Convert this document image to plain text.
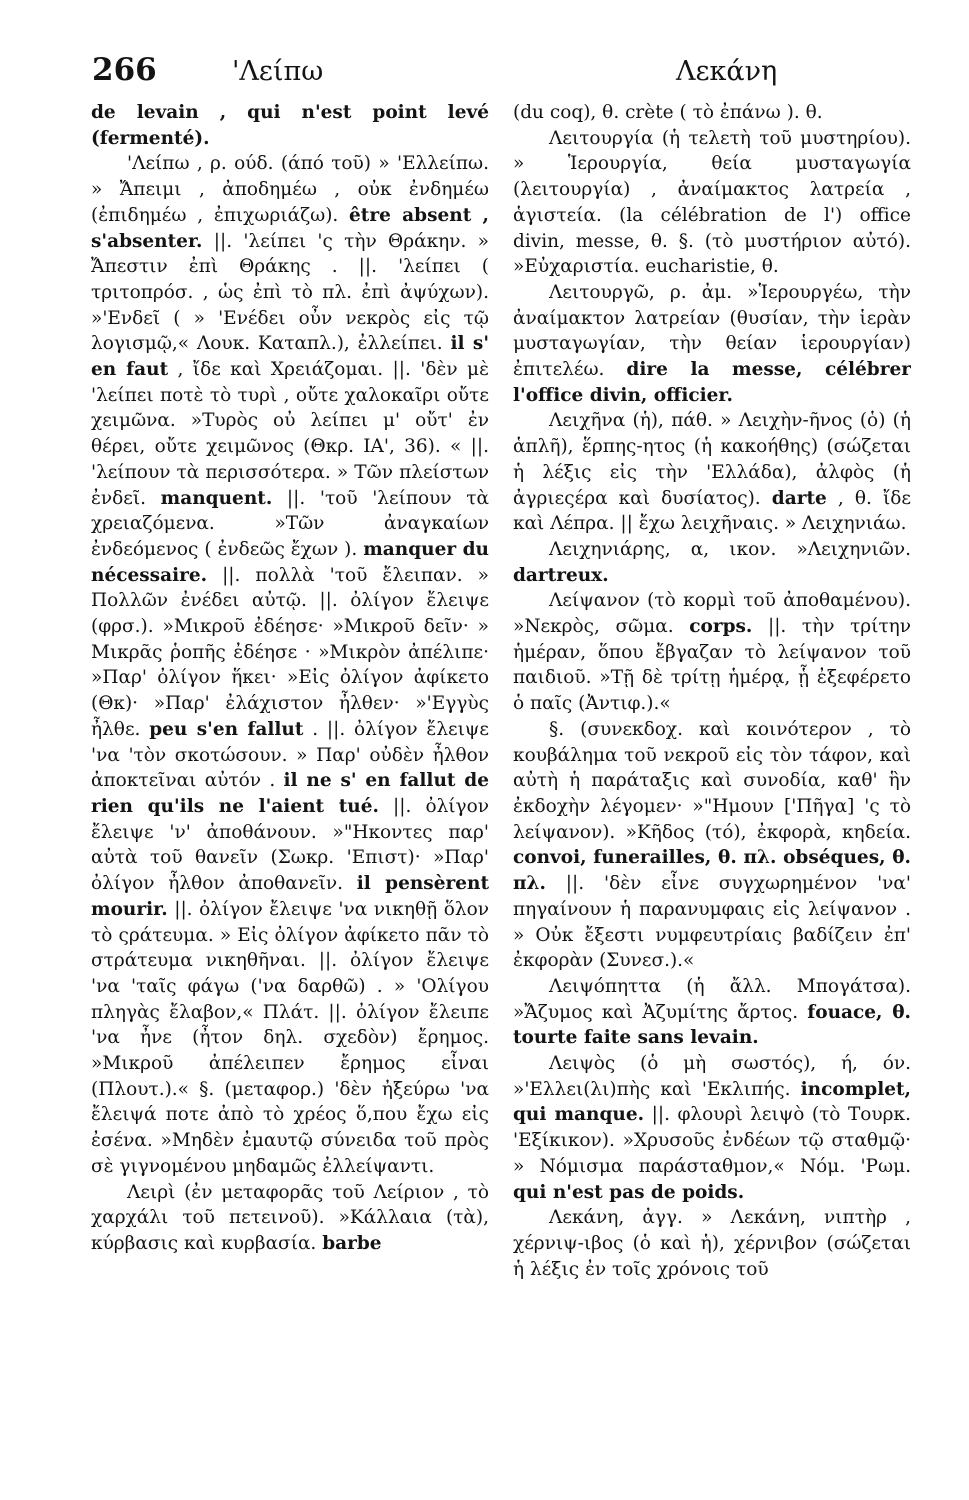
266	'Λείπω	Λεκάνη

de levain , qui n'est point levé (fermenté).

'Λείπω , ρ. ούδ. (άπό τοῦ) » 'Ελλείπω. » Ἄπειμι , ἀποδημέω , οὐκ ἐνδημέω (ἐπιδημέω , ἐπιχωριάζω). être absent , s'absenter. ||. 'λείπει 'ς τὴν Θράκην. » Ἄπεστιν ἐπὶ Θράκης . ||. 'λείπει ( τριτοπρόσ. , ὡς ἐπὶ τὸ πλ. ἐπὶ ἀψύχων). »'Ενδεῖ ( » 'Ενέδει οὖν νεκρὸς εἰς τῷ λογισμῷ,« Λουκ. Καταπλ.), ἐλλείπει. il s' en faut , ἴδε καὶ Χρειάζομαι. ||. 'δὲν μὲ 'λείπει ποτὲ τὸ τυρὶ , οὔτε χαλοκαῖρι οὔτε χειμῶνα. »Τυρὸς οὐ λείπει μ' οὔτ' ἐν θέρει, οὔτε χειμῶνος (Θκρ. ΙΑ', 36). « ||. 'λείπουν τὰ περισσότερα. » Τῶν πλείστων ἐνδεῖ. manquent. ||. 'τοῦ 'λείπουν τὰ χρειαζόμενα. »Τῶν ἀναγκαίων ἐνδεόμενος ( ἐνδεῶς ἔχων ). manquer du nécessaire. ||. πολλὰ 'τοῦ ἔλειπαν. » Πολλῶν ἐνέδει αὐτῷ. ||. ὀλίγον ἔλειψε (φρσ.). »Μικροῦ ἐδέησε· »Μικροῦ δεῖν· » Μικρᾶς ῥοπῆς ἐδέησε · »Μικρὸν ἀπέλιπε· »Παρ' ὀλίγον ἥκει· »Εἰς ὀλίγον ἀφίκετο (Θκ)· »Παρ' ἐλάχιστον ἦλθεν· »'Εγγὺς ἦλθε. peu s'en fallut . ||. ὀλίγον ἔλειψε 'να 'τὸν σκοτώσουν. » Παρ' οὐδὲν ἦλθον ἀποκτεῖναι αὐτόν . il ne s' en fallut de rien qu'ils ne l'aient tué. ||. ὀλίγον ἔλειψε 'ν' ἀποθάνουν. »"Ηκοντες παρ' αὐτὰ τοῦ θανεῖν (Σωκρ. 'Επιστ)· »Παρ' ὀλίγον ἦλθον ἀποθανεῖν. il pensèrent mourir. ||. ὀλίγον ἔλειψε 'να νικηθῇ ὅλον τὸ ςράτευμα. » Εἰς ὀλίγον ἀφίκετο πᾶν τὸ στράτευμα νικηθῆναι. ||. ὀλίγον ἔλειψε 'να 'ταῖς φάγω ('να δαρθῶ) . » 'Ολίγου πληγὰς ἔλαβον,« Πλάτ. ||. ὀλίγον ἔλειπε 'να ἦνε (ἦτον δηλ. σχεδὸν) ἔρημος. »Μικροῦ ἀπέλειπεν ἔρημος εἶναι (Πλουτ.).« §. (μεταφορ.) 'δὲν ἠξεύρω 'να ἔλειψά ποτε ἀπὸ τὸ χρέος ὅ,που ἔχω εἰς ἐσένα. »Μηδὲν ἐμαυτῷ σύνειδα τοῦ πρὸς σὲ γιγνομένου μηδαμῶς ἐλλείψαντι.

Λειρὶ (ἐν μεταφορᾶς τοῦ Λείριον , τὸ χαρχάλι τοῦ πετεινοῦ). »Κάλλαια (τὰ), κύρβασις καὶ κυρβασία. barbe

(du coq), θ. crète ( τὸ ἐπάνω ). θ.

Λειτουργία (ἡ τελετὴ τοῦ μυστηρίου). » Ἱερουργία, θεία μυσταγωγία (λειτουργία) , ἀναίμακτος λατρεία , ἁγιστεία. (la célébration de l') office divin, messe, θ. §. (τὸ μυστήριον αὐτό). »Εὐχαριστία. eucharistie, θ.

Λειτουργῶ, ρ. ἀμ. »Ἱερουργέω, τὴν ἀναίμακτον λατρείαν (θυσίαν, τὴν ἱερὰν μυσταγωγίαν, τὴν θείαν ἱερουργίαν) ἐπιτελέω. dire la messe, célébrer l'office divin, officier.

Λειχῆνα (ἡ), πάθ. » Λειχὴν-ῆνος (ὁ) (ἡ ἁπλῆ), ἕρπης-ητος (ἡ κακοήθης) (σώζεται ἡ λέξις εἰς τὴν 'Ελλάδα), ἀλφὸς (ἡ ἀγριεςέρα καὶ δυσίατος). darte , θ. ἴδε καὶ Λέπρα. || ἔχω λειχῆναις. » Λειχηνιάω.

Λειχηνιάρης, α, ικον. »Λειχηνιῶν. dartreux.

Λείψανον (τὸ κορμὶ τοῦ ἀποθαμένου). »Νεκρὸς, σῶμα. corps. ||. τὴν τρίτην ἡμέραν, ὅπου ἔβγαζαν τὸ λείψανον τοῦ παιδιοῦ. »Τῇ δὲ τρίτῃ ἡμέρᾳ, ᾗ ἐξεφέρετο ὁ παῖς (Ἀντιφ.).«

§. (συνεκδοχ. καὶ κοινότερον , τὸ κουβάλημα τοῦ νεκροῦ εἰς τὸν τάφον, καὶ αὐτὴ ἡ παράταξις καὶ συνοδία, καθ' ἣν ἐκδοχὴν λέγομεν· »"Ημουν ['Πῆγα] 'ς τὸ λείψανον). »Κῆδος (τό), ἐκφορὰ, κηδεία. convoi, funerailles, θ. πλ. obséques, θ. πλ. ||. 'δὲν εἶνε συγχωρημένον 'να' πηγαίνουν ἡ παρανυμφαις εἰς λείψανον . » Οὐκ ἔξεστι νυμφευτρίαις βαδίζειν ἐπ' ἐκφορὰν (Συνεσ.).«

Λειψόπηττα (ἡ ἄλλ. Μπογάτσα). »Ἄζυμος καὶ Ἀζυμίτης ἄρτος. fouace, θ. tourte faite sans levain.

Λειψὸς (ὁ μὴ σωστός), ή, όν. »'Ελλει(λι)πὴς καὶ 'Εκλιπής. incomplet, qui manque. ||. φλουρὶ λειψὸ (τὸ Τουρκ. 'Εξίκικον). »Χρυσοῦς ἐνδέων τῷ σταθμῷ· » Νόμισμα παράσταθμον,« Νόμ. 'Ρωμ. qui n'est pas de poids.

Λεκάνη, ἀγγ. » Λεκάνη, νιπτὴρ , χέρνιψ-ιβος (ὁ καὶ ἡ), χέρνιβον (σώζεται ἡ λέξις ἐν τοῖς χρόνοις τοῦ
